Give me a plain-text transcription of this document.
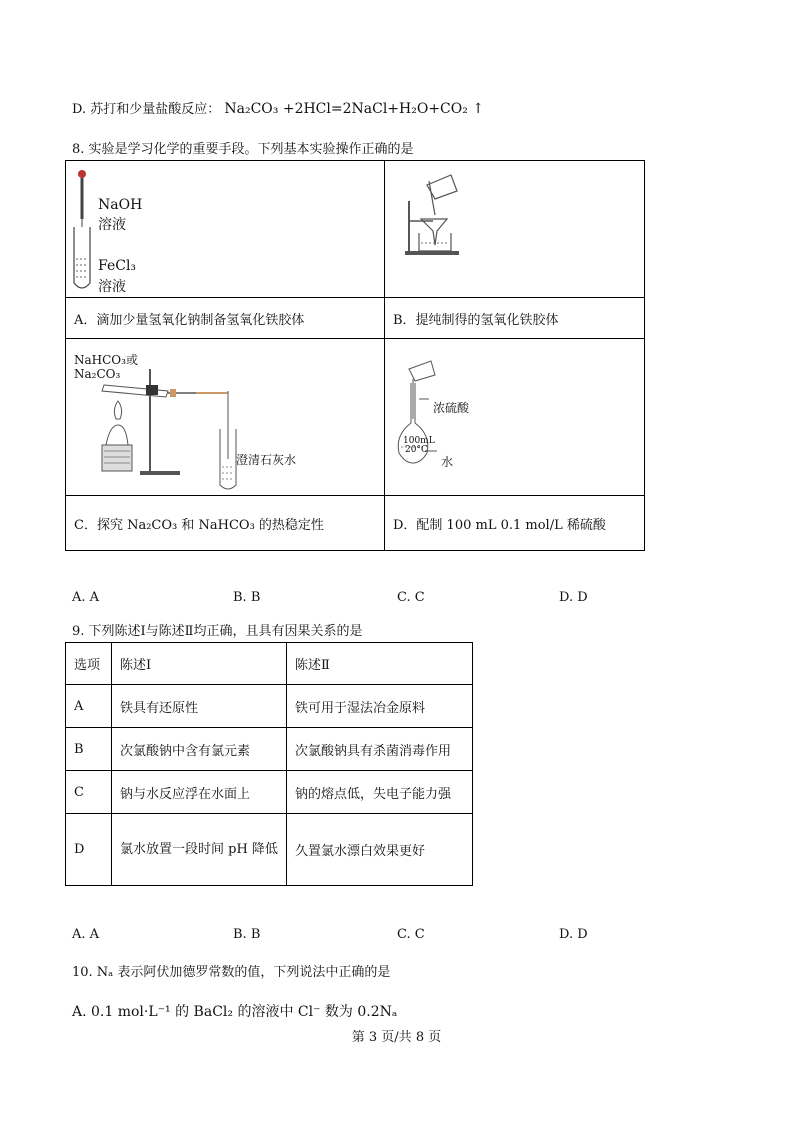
D. 苏打和少量盐酸反应： Na₂CO₃ +2HCl=2NaCl+H₂O+CO₂ ↑
8. 实验是学习化学的重要手段。下列基本实验操作正确的是
NaOH
溶液
FeCl₃
溶液
A．滴加少量氢氧化钠制备氢氧化铁胶体	B．提纯制得的氢氧化铁胶体
NaHCO₃或
Na₂CO₃
澄清石灰水
浓硫酸
水
100mL
20°C
C．探究 Na₂CO₃ 和 NaHCO₃ 的热稳定性	D．配制 100 mL 0.1 mol/L 稀硫酸
A. A	B. B	C. C	D. D
9. 下列陈述Ⅰ与陈述Ⅱ均正确，且具有因果关系的是
选项	陈述Ⅰ	陈述Ⅱ
A	铁具有还原性	铁可用于湿法冶金原料
B	次氯酸钠中含有氯元素	次氯酸钠具有杀菌消毒作用
C	钠与水反应浮在水面上	钠的熔点低，失电子能力强
D	氯水放置一段时间 pH 降低	久置氯水漂白效果更好
A. A	B. B	C. C	D. D
10. Nₐ 表示阿伏加德罗常数的值，下列说法中正确的是
A. 0.1 mol·L⁻¹ 的 BaCl₂ 的溶液中 Cl⁻ 数为 0.2Nₐ
第 3 页/共 8 页
